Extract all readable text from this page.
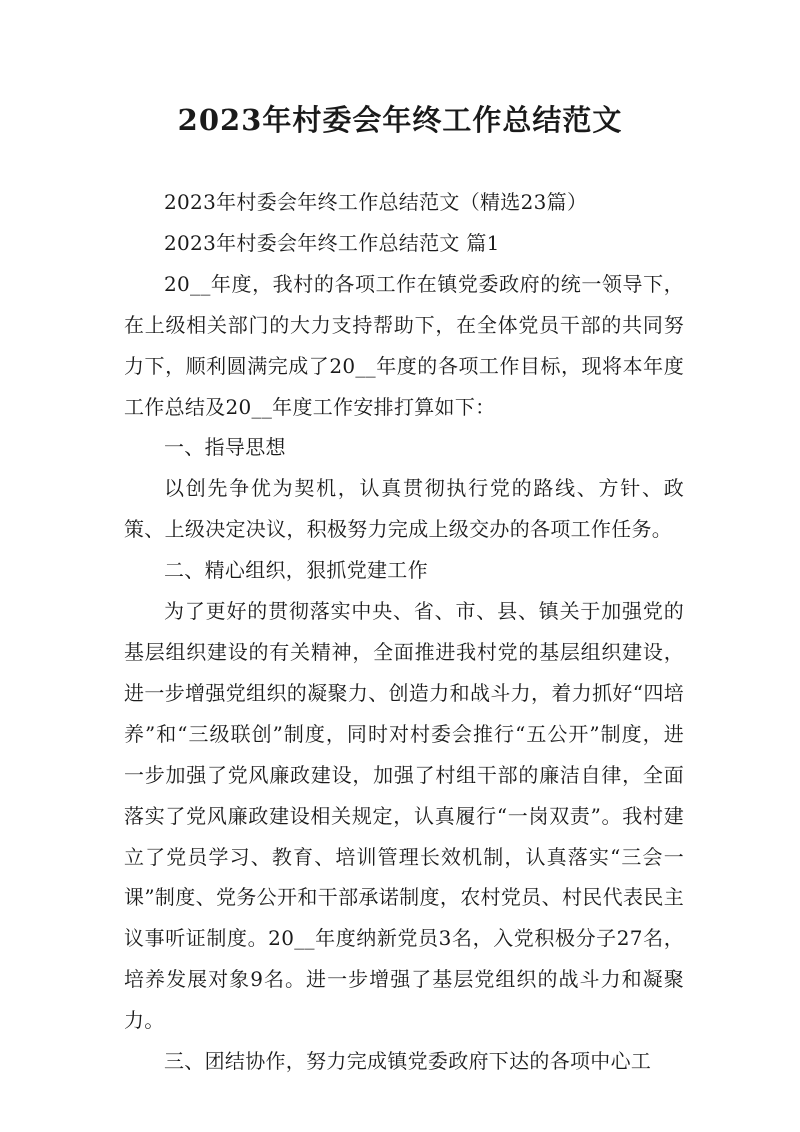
2023年村委会年终工作总结范文

2023年村委会年终工作总结范文（精选23篇）

2023年村委会年终工作总结范文 篇1

20__年度，我村的各项工作在镇党委政府的统一领导下，在上级相关部门的大力支持帮助下，在全体党员干部的共同努力下，顺利圆满完成了20__年度的各项工作目标，现将本年度工作总结及20__年度工作安排打算如下：

一、指导思想

以创先争优为契机，认真贯彻执行党的路线、方针、政策、上级决定决议，积极努力完成上级交办的各项工作任务。

二、精心组织，狠抓党建工作

为了更好的贯彻落实中央、省、市、县、镇关于加强党的基层组织建设的有关精神，全面推进我村党的基层组织建设，进一步增强党组织的凝聚力、创造力和战斗力，着力抓好“四培养”和“三级联创”制度，同时对村委会推行“五公开”制度，进一步加强了党风廉政建设，加强了村组干部的廉洁自律，全面落实了党风廉政建设相关规定，认真履行“一岗双责”。我村建立了党员学习、教育、培训管理长效机制，认真落实“三会一课”制度、党务公开和干部承诺制度，农村党员、村民代表民主议事听证制度。20__年度纳新党员3名，入党积极分子27名，培养发展对象9名。进一步增强了基层党组织的战斗力和凝聚力。

三、团结协作，努力完成镇党委政府下达的各项中心工
